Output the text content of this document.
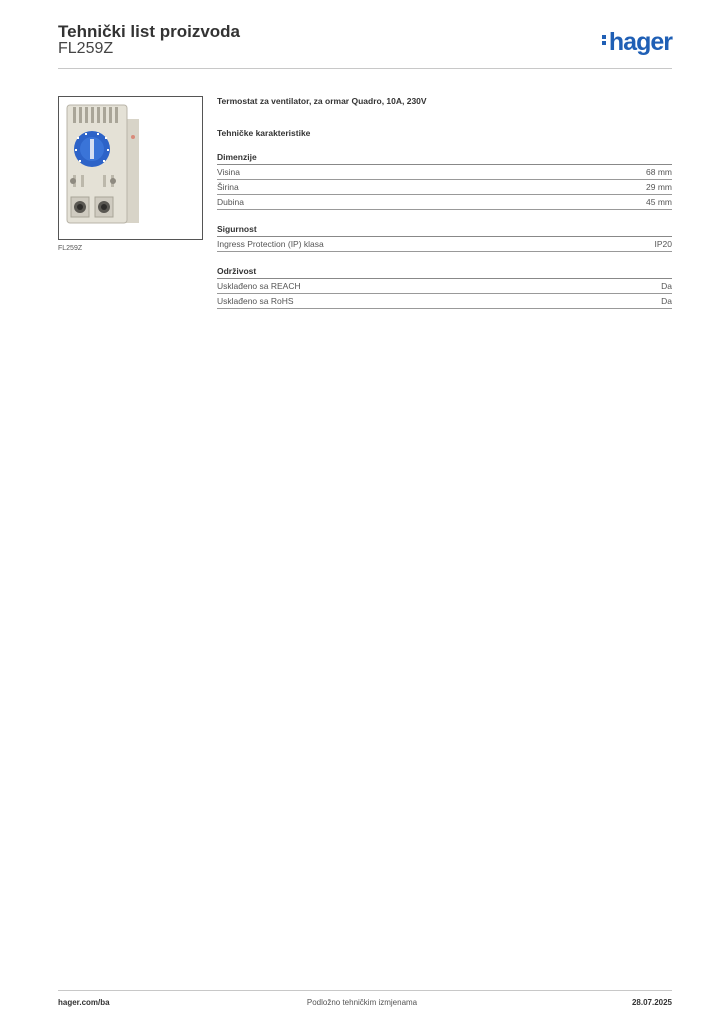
Tehnički list proizvoda
FL259Z	hager
FL259Z
Termostat za ventilator, za ormar Quadro, 10A, 230V
Tehničke karakteristike
Dimenzije
Visina	68 mm
Širina	29 mm
Dubina	45 mm
Sigurnost
Ingress Protection (IP) klasa	IP20
Održivost
Usklađeno sa REACH	Da
Usklađeno sa RoHS	Da
hager.com/ba	Podložno tehničkim izmjenama	28.07.2025
